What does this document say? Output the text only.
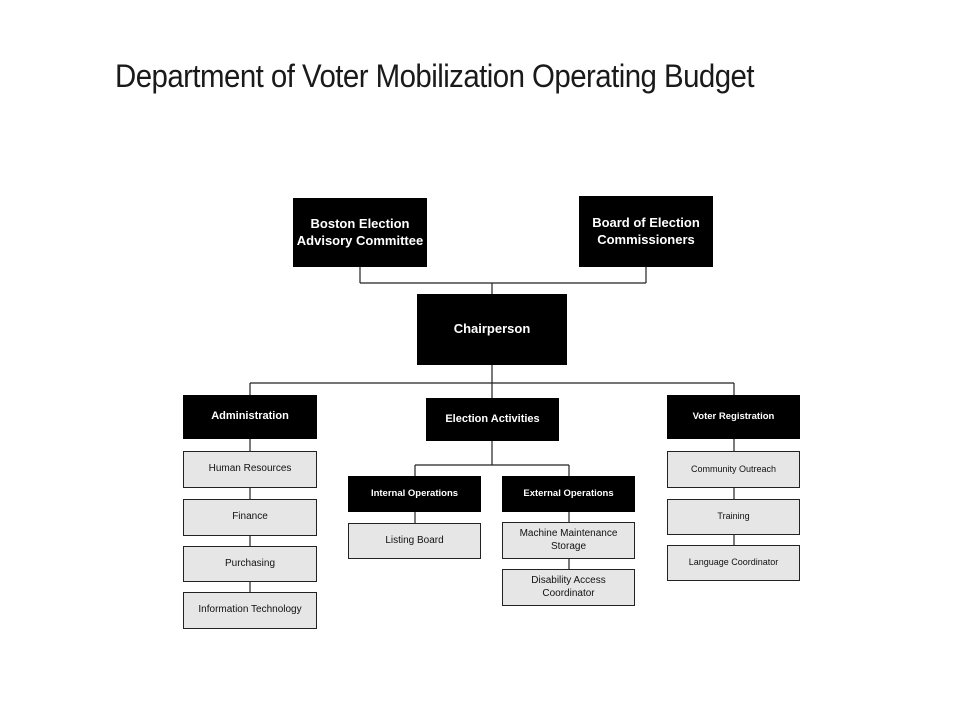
Department of Voter Mobilization Operating Budget
Boston Election
Advisory Committee
Board of Election
Commissioners
Chairperson
Administration
Human Resources
Finance
Purchasing
Information Technology
Election Activities
Internal Operations
Listing Board
External Operations
Machine Maintenance
Storage
Disability Access
Coordinator
Voter Registration
Community Outreach
Training
Language Coordinator
